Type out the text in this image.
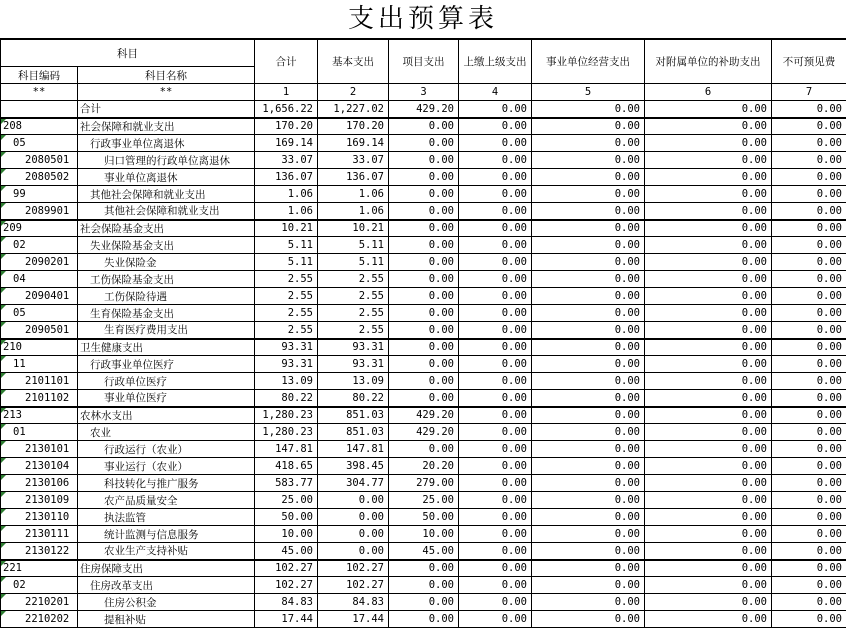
支出预算表
科目		合计	基本支出	项目支出	上缴上级支出	事业单位经营支出	对附属单位的补助支出	不可预见费
科目编码	科目名称							
**	**	1	2	3	4	5	6	7
	合计	1,656.22	1,227.02	429.20	0.00	0.00	0.00	0.00

208	社会保障和就业支出	170.20	170.20	0.00	0.00	0.00	0.00	0.00

05	行政事业单位离退休	169.14	169.14	0.00	0.00	0.00	0.00	0.00

2080501	归口管理的行政单位离退休	33.07	33.07	0.00	0.00	0.00	0.00	0.00

2080502	事业单位离退休	136.07	136.07	0.00	0.00	0.00	0.00	0.00

99	其他社会保障和就业支出	1.06	1.06	0.00	0.00	0.00	0.00	0.00

2089901	其他社会保障和就业支出	1.06	1.06	0.00	0.00	0.00	0.00	0.00

209	社会保险基金支出	10.21	10.21	0.00	0.00	0.00	0.00	0.00

02	失业保险基金支出	5.11	5.11	0.00	0.00	0.00	0.00	0.00

2090201	失业保险金	5.11	5.11	0.00	0.00	0.00	0.00	0.00

04	工伤保险基金支出	2.55	2.55	0.00	0.00	0.00	0.00	0.00

2090401	工伤保险待遇	2.55	2.55	0.00	0.00	0.00	0.00	0.00

05	生育保险基金支出	2.55	2.55	0.00	0.00	0.00	0.00	0.00

2090501	生育医疗费用支出	2.55	2.55	0.00	0.00	0.00	0.00	0.00

210	卫生健康支出	93.31	93.31	0.00	0.00	0.00	0.00	0.00

11	行政事业单位医疗	93.31	93.31	0.00	0.00	0.00	0.00	0.00

2101101	行政单位医疗	13.09	13.09	0.00	0.00	0.00	0.00	0.00

2101102	事业单位医疗	80.22	80.22	0.00	0.00	0.00	0.00	0.00

213	农林水支出	1,280.23	851.03	429.20	0.00	0.00	0.00	0.00

01	农业	1,280.23	851.03	429.20	0.00	0.00	0.00	0.00

2130101	行政运行（农业）	147.81	147.81	0.00	0.00	0.00	0.00	0.00

2130104	事业运行（农业）	418.65	398.45	20.20	0.00	0.00	0.00	0.00

2130106	科技转化与推广服务	583.77	304.77	279.00	0.00	0.00	0.00	0.00

2130109	农产品质量安全	25.00	0.00	25.00	0.00	0.00	0.00	0.00

2130110	执法监管	50.00	0.00	50.00	0.00	0.00	0.00	0.00

2130111	统计监测与信息服务	10.00	0.00	10.00	0.00	0.00	0.00	0.00

2130122	农业生产支持补贴	45.00	0.00	45.00	0.00	0.00	0.00	0.00

221	住房保障支出	102.27	102.27	0.00	0.00	0.00	0.00	0.00

02	住房改革支出	102.27	102.27	0.00	0.00	0.00	0.00	0.00

2210201	住房公积金	84.83	84.83	0.00	0.00	0.00	0.00	0.00

2210202	提租补贴	17.44	17.44	0.00	0.00	0.00	0.00	0.00
